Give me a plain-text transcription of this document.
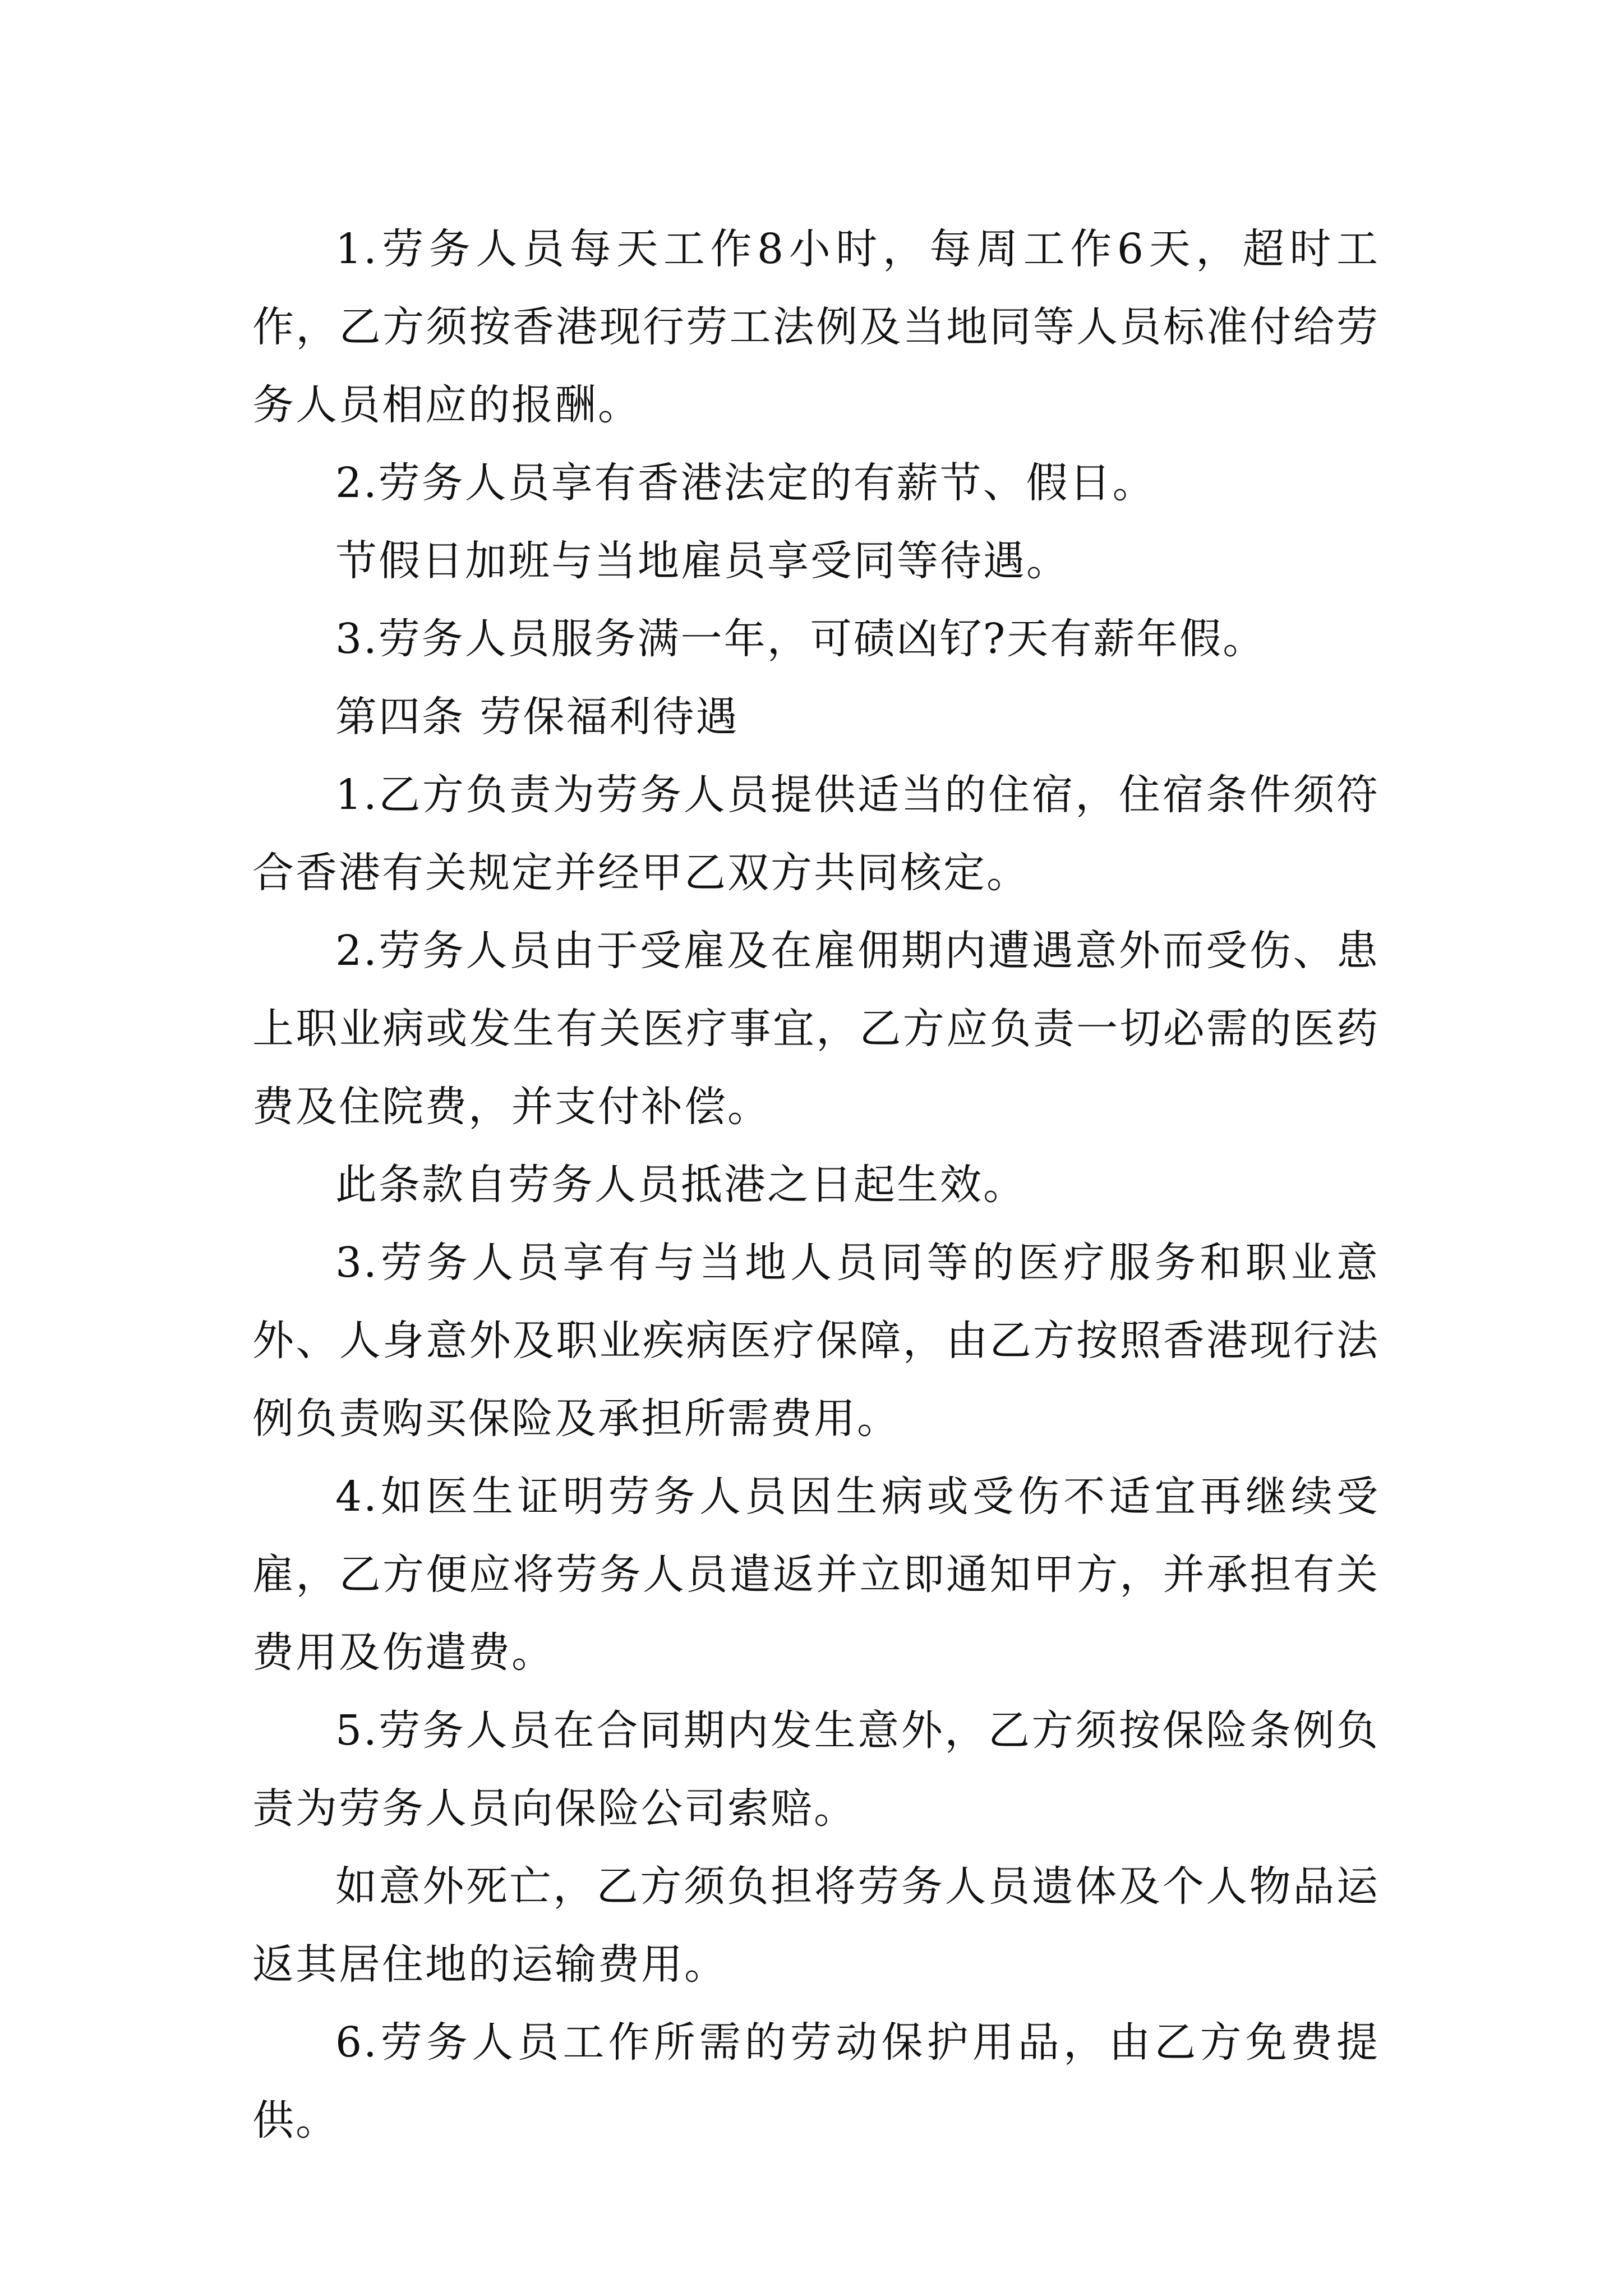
1.劳务人员每天工作8小时，每周工作6天，超时工作，乙方须按香港现行劳工法例及当地同等人员标准付给劳务人员相应的报酬。

2.劳务人员享有香港法定的有薪节、假日。

节假日加班与当地雇员享受同等待遇。

3.劳务人员服务满一年，可碛凶钌?天有薪年假。

第四条 劳保福利待遇

1.乙方负责为劳务人员提供适当的住宿，住宿条件须符合香港有关规定并经甲乙双方共同核定。

2.劳务人员由于受雇及在雇佣期内遭遇意外而受伤、患上职业病或发生有关医疗事宜，乙方应负责一切必需的医药费及住院费，并支付补偿。

此条款自劳务人员抵港之日起生效。

3.劳务人员享有与当地人员同等的医疗服务和职业意外、人身意外及职业疾病医疗保障，由乙方按照香港现行法例负责购买保险及承担所需费用。

4.如医生证明劳务人员因生病或受伤不适宜再继续受雇，乙方便应将劳务人员遣返并立即通知甲方，并承担有关费用及伤遣费。

5.劳务人员在合同期内发生意外，乙方须按保险条例负责为劳务人员向保险公司索赔。

如意外死亡，乙方须负担将劳务人员遗体及个人物品运返其居住地的运输费用。

6.劳务人员工作所需的劳动保护用品，由乙方免费提供。
